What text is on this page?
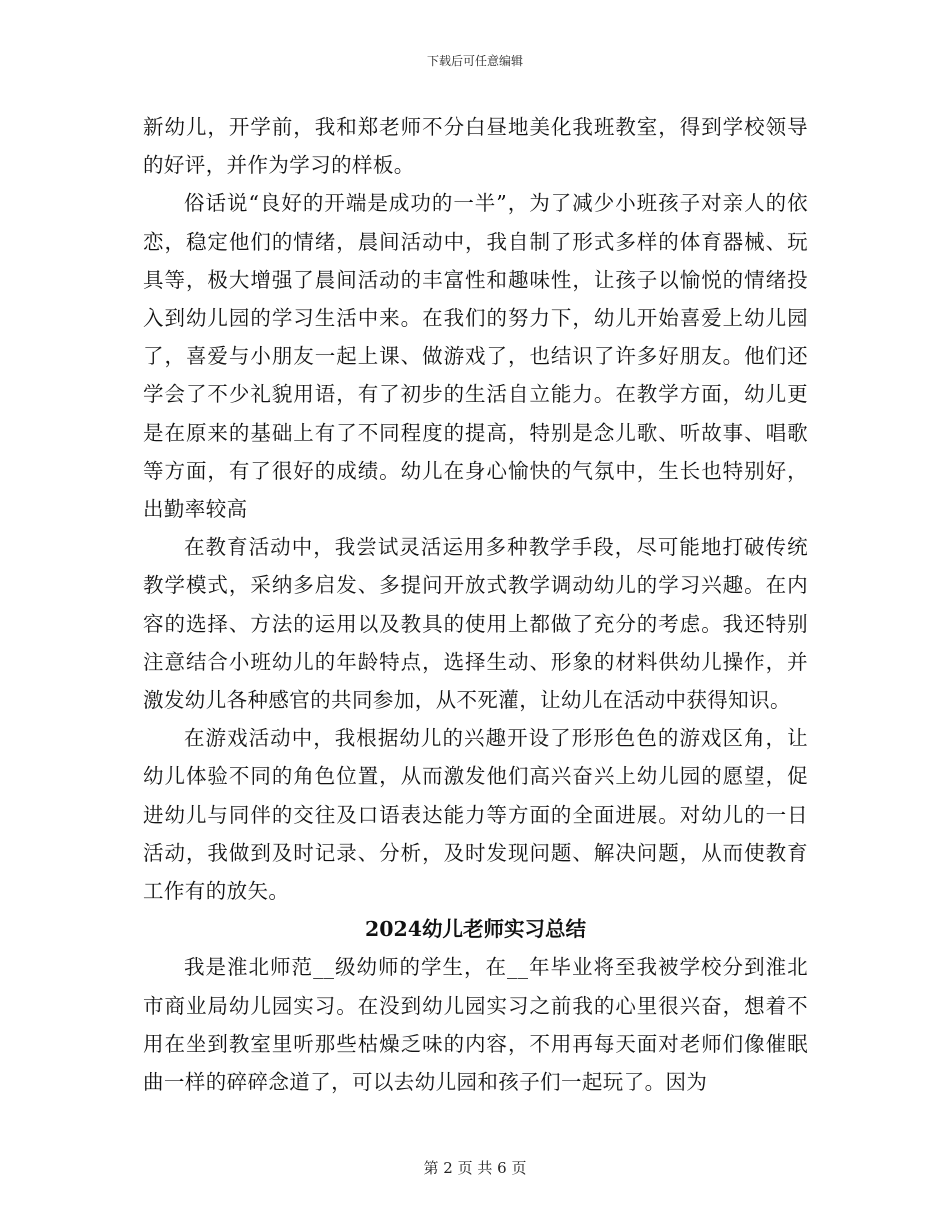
下载后可任意编辑

新幼儿，开学前，我和郑老师不分白昼地美化我班教室，得到学校领导的好评，并作为学习的样板。

俗话说“良好的开端是成功的一半”，为了减少小班孩子对亲人的依恋，稳定他们的情绪，晨间活动中，我自制了形式多样的体育器械、玩具等，极大增强了晨间活动的丰富性和趣味性，让孩子以愉悦的情绪投入到幼儿园的学习生活中来。在我们的努力下，幼儿开始喜爱上幼儿园了，喜爱与小朋友一起上课、做游戏了，也结识了许多好朋友。他们还学会了不少礼貌用语，有了初步的生活自立能力。在教学方面，幼儿更是在原来的基础上有了不同程度的提高，特别是念儿歌、听故事、唱歌等方面，有了很好的成绩。幼儿在身心愉快的气氛中，生长也特别好，出勤率较高

在教育活动中，我尝试灵活运用多种教学手段，尽可能地打破传统教学模式，采纳多启发、多提问开放式教学调动幼儿的学习兴趣。在内容的选择、方法的运用以及教具的使用上都做了充分的考虑。我还特别注意结合小班幼儿的年龄特点，选择生动、形象的材料供幼儿操作，并激发幼儿各种感官的共同参加，从不死灌，让幼儿在活动中获得知识。

在游戏活动中，我根据幼儿的兴趣开设了形形色色的游戏区角，让幼儿体验不同的角色位置，从而激发他们高兴奋兴上幼儿园的愿望，促进幼儿与同伴的交往及口语表达能力等方面的全面进展。对幼儿的一日活动，我做到及时记录、分析，及时发现问题、解决问题，从而使教育工作有的放矢。

2024幼儿老师实习总结

我是淮北师范__级幼师的学生，在__年毕业将至我被学校分到淮北市商业局幼儿园实习。在没到幼儿园实习之前我的心里很兴奋，想着不用在坐到教室里听那些枯燥乏味的内容，不用再每天面对老师们像催眠曲一样的碎碎念道了，可以去幼儿园和孩子们一起玩了。因为

第 2 页 共 6 页
